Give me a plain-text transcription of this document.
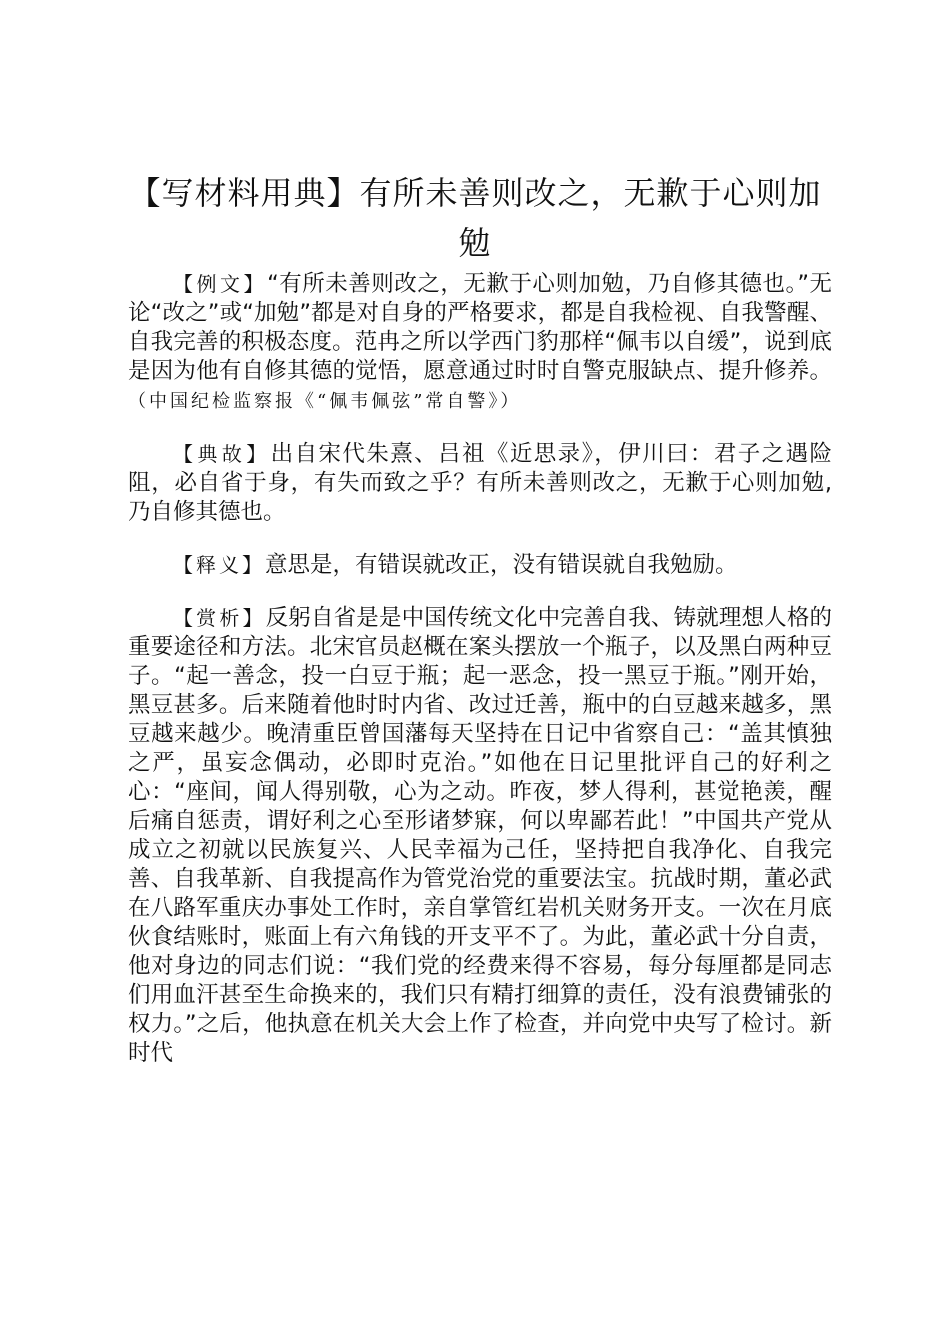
【写材料用典】有所未善则改之，无歉于心则加勉

【例文】“有所未善则改之，无歉于心则加勉，乃自修其德也。”无论“改之”或“加勉”都是对自身的严格要求，都是自我检视、自我警醒、自我完善的积极态度。范冉之所以学西门豹那样“佩韦以自缓”，说到底是因为他有自修其德的觉悟，愿意通过时时自警克服缺点、提升修养。（中国纪检监察报《“佩韦佩弦”常自警》）

【典故】出自宋代朱熹、吕祖《近思录》，伊川曰：君子之遇险阻，必自省于身，有失而致之乎？有所未善则改之，无歉于心则加勉,乃自修其德也。

【释义】意思是，有错误就改正，没有错误就自我勉励。

【赏析】反躬自省是是中国传统文化中完善自我、铸就理想人格的重要途径和方法。北宋官员赵概在案头摆放一个瓶子，以及黑白两种豆子。“起一善念，投一白豆于瓶；起一恶念，投一黑豆于瓶。”刚开始，黑豆甚多。后来随着他时时内省、改过迁善，瓶中的白豆越来越多，黑豆越来越少。晚清重臣曾国藩每天坚持在日记中省察自己：“盖其慎独之严，虽妄念偶动，必即时克治。”如他在日记里批评自己的好利之心：“座间，闻人得别敬，心为之动。昨夜，梦人得利，甚觉艳羡，醒后痛自惩责，谓好利之心至形诸梦寐，何以卑鄙若此！”中国共产党从成立之初就以民族复兴、人民幸福为己任，坚持把自我净化、自我完善、自我革新、自我提高作为管党治党的重要法宝。抗战时期，董必武在八路军重庆办事处工作时，亲自掌管红岩机关财务开支。一次在月底伙食结账时，账面上有六角钱的开支平不了。为此，董必武十分自责，他对身边的同志们说：“我们党的经费来得不容易，每分每厘都是同志们用血汗甚至生命换来的，我们只有精打细算的责任，没有浪费铺张的权力。”之后，他执意在机关大会上作了检查，并向党中央写了检讨。新时代
